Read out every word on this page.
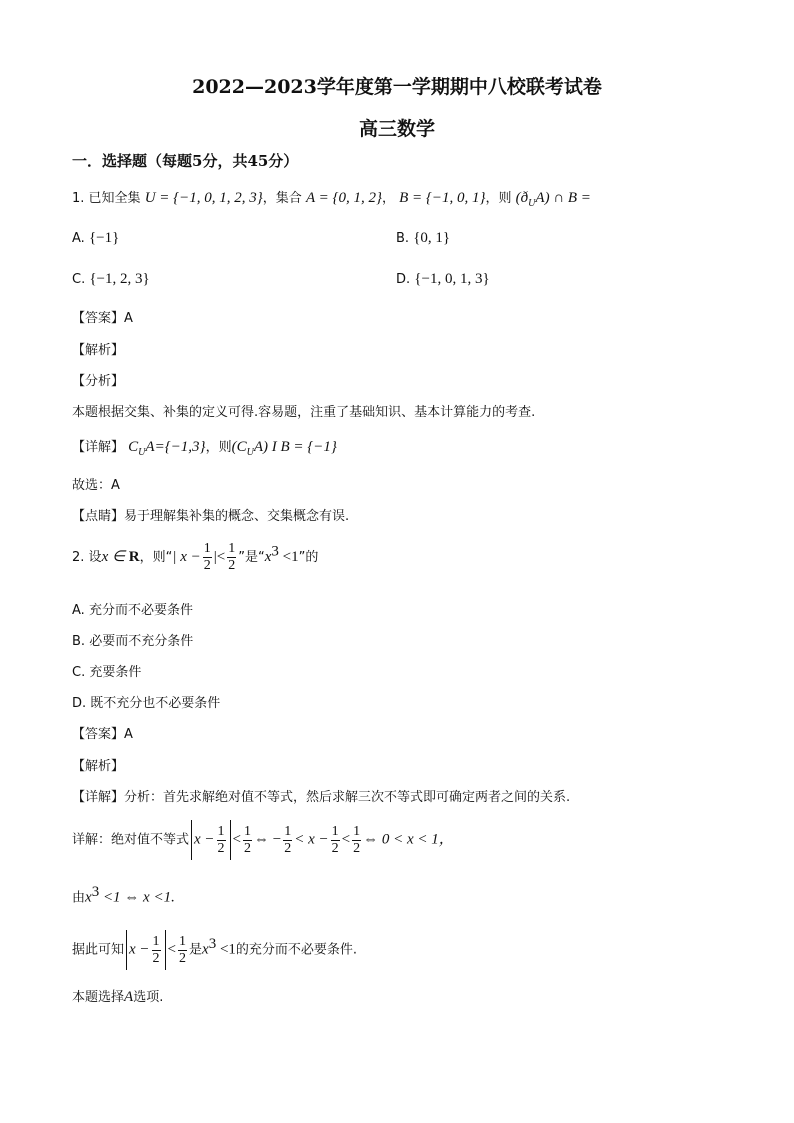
2022—2023学年度第一学期期中八校联考试卷
高三数学
一．选择题（每题5分，共45分）
1. 已知全集 U = {−1, 0, 1, 2, 3}，集合 A = {0, 1, 2}， B = {−1, 0, 1}，则 $(ð_UA)$ ∩ B =
A. {−1}	B. {0, 1}
C. {−1, 2, 3}	D. {−1, 0, 1, 3}
【答案】A
【解析】
【分析】
本题根据交集、补集的定义可得.容易题，注重了基础知识、基本计算能力的考查.
【详解】 $C_UA=\{-1,3\}$，则$(C_UA)$ I B = {−1}
故选：A
【点睛】易于理解集补集的概念、交集概念有误.
2. 设x ∈ R，则“| $x - \frac{1}{2}$ |< $\frac{1}{2}$ ”是“$x^3 <1$”的
A. 充分而不必要条件
B. 必要而不充分条件
C. 充要条件
D. 既不充分也不必要条件
【答案】A
【解析】
【详解】分析：首先求解绝对值不等式，然后求解三次不等式即可确定两者之间的关系.
详解：绝对值不等式 $x - \frac{1}{2} < \frac{1}{2}$ ⇔ − $\frac{1}{2} < x - \frac{1}{2} < \frac{1}{2}$ ⇔ 0 < x < 1，
由$x^3 <1$ ⇔ x <1.
据此可知 $x - \frac{1}{2} < \frac{1}{2}$ 是$x^3 <1$的充分而不必要条件.
本题选择A选项.
